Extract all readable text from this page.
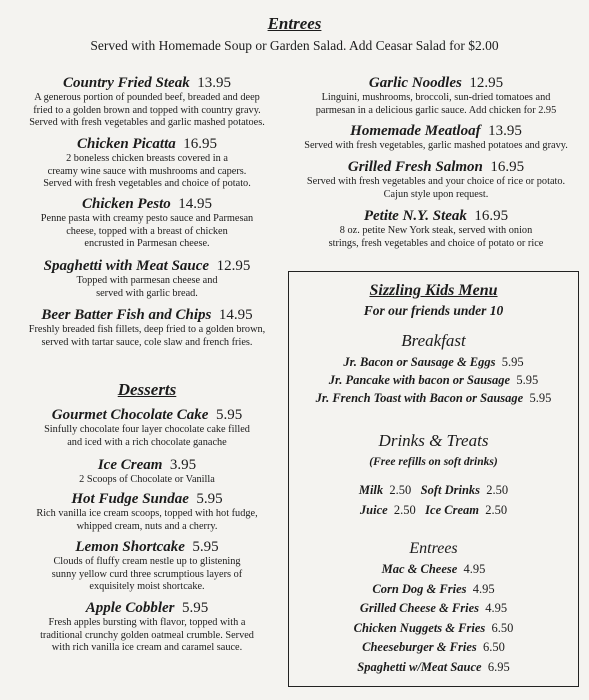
Entrees
Served with Homemade Soup or Garden Salad. Add Ceasar Salad for $2.00

Country Fried Steak 13.95

A generous portion of pounded beef, breaded and deep

fried to a golden brown and topped with country gravy.

Served with fresh vegetables and garlic mashed potatoes.

Chicken Picatta 16.95

2 boneless chicken breasts covered in a

creamy wine sauce with mushrooms and capers.

Served with fresh vegetables and choice of potato.

Chicken Pesto 14.95

Penne pasta with creamy pesto sauce and Parmesan

cheese, topped with a breast of chicken

encrusted in Parmesan cheese.

Spaghetti with Meat Sauce 12.95

Topped with parmesan cheese and

served with garlic bread.

Beer Batter Fish and Chips 14.95

Freshly breaded fish fillets, deep fried to a golden brown,

served with tartar sauce, cole slaw and french fries.

Garlic Noodles 12.95

Linguini, mushrooms, broccoli, sun-dried tomatoes and

parmesan in a delicious garlic sauce. Add chicken for 2.95

Homemade Meatloaf 13.95

Served with fresh vegetables, garlic mashed potatoes and gravy.

Grilled Fresh Salmon 16.95

Served with fresh vegetables and your choice of rice or potato.

Cajun style upon request.

Petite N.Y. Steak 16.95

8 oz. petite New York steak, served with onion

strings, fresh vegetables and choice of potato or rice

Desserts

Gourmet Chocolate Cake 5.95

Sinfully chocolate four layer chocolate cake filled

and iced with a rich chocolate ganache

Ice Cream 3.95

2 Scoops of Chocolate or Vanilla

Hot Fudge Sundae 5.95

Rich vanilla ice cream scoops, topped with hot fudge,

whipped cream, nuts and a cherry.

Lemon Shortcake 5.95

Clouds of fluffy cream nestle up to glistening

sunny yellow curd three scrumptious layers of

exquisitely moist shortcake.

Apple Cobbler 5.95

Fresh apples bursting with flavor, topped with a

traditional crunchy golden oatmeal crumble. Served

with rich vanilla ice cream and caramel sauce.

Sizzling Kids Menu
For our friends under 10
Breakfast
Jr. Bacon or Sausage & Eggs 5.95
Jr. Pancake with bacon or Sausage 5.95
Jr. French Toast with Bacon or Sausage 5.95
Drinks & Treats
(Free refills on soft drinks)
Milk 2.50 Soft Drinks 2.50
Juice 2.50 Ice Cream 2.50
Entrees
Mac & Cheese 4.95
Corn Dog & Fries 4.95
Grilled Cheese & Fries 4.95
Chicken Nuggets & Fries 6.50
Cheeseburger & Fries 6.50
Spaghetti w/Meat Sauce 6.95
